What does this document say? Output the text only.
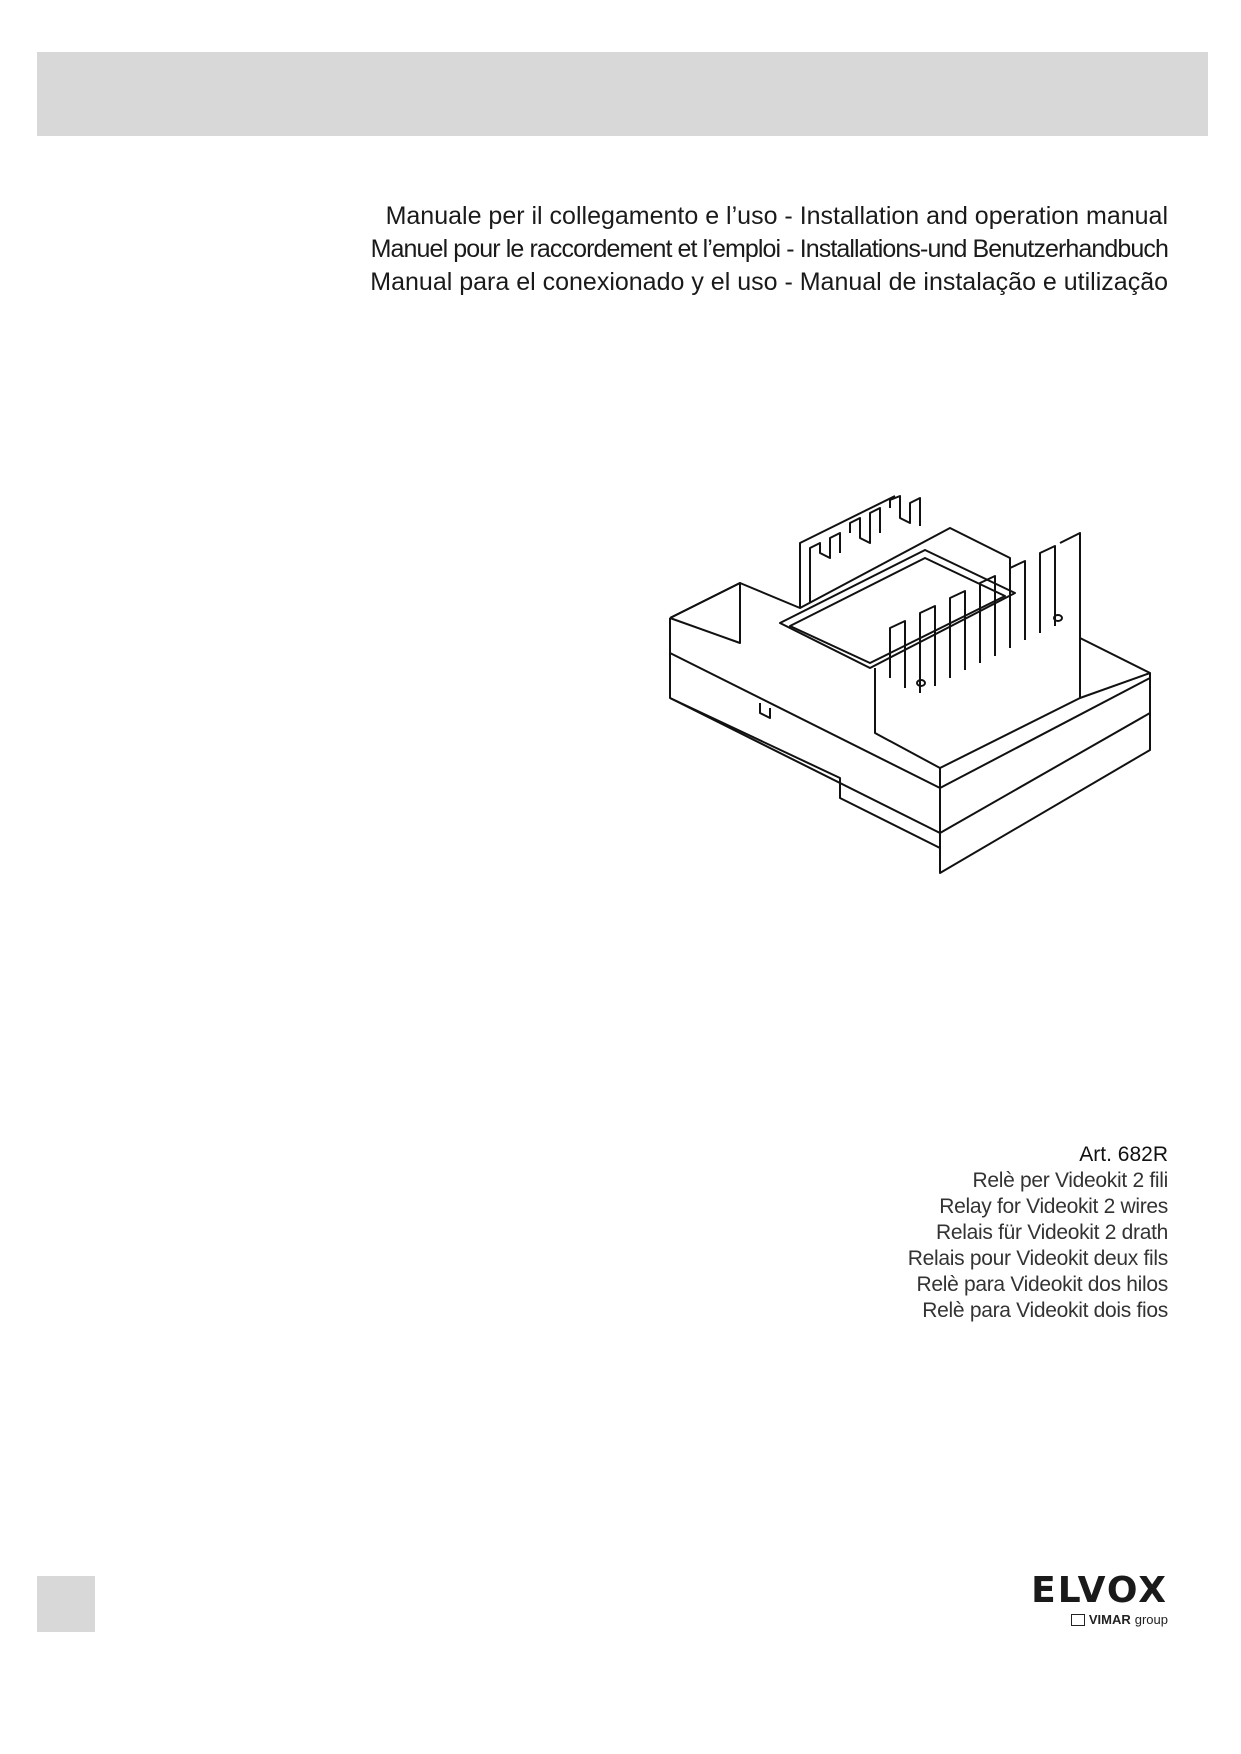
Manuale per il collegamento e l’uso - Installation and operation manual
Manuel pour le raccordement et l’emploi - Installations-und Benutzerhandbuch
Manual para el conexionado y el uso - Manual de instalação e utilização
Art. 682R
Relè per Videokit 2 fili
Relay for Videokit 2 wires
Relais für Videokit 2 drath
Relais pour Videokit deux fils
Relè para Videokit dos hilos
Relè para Videokit dois fios
ELVOX
VIMAR group
